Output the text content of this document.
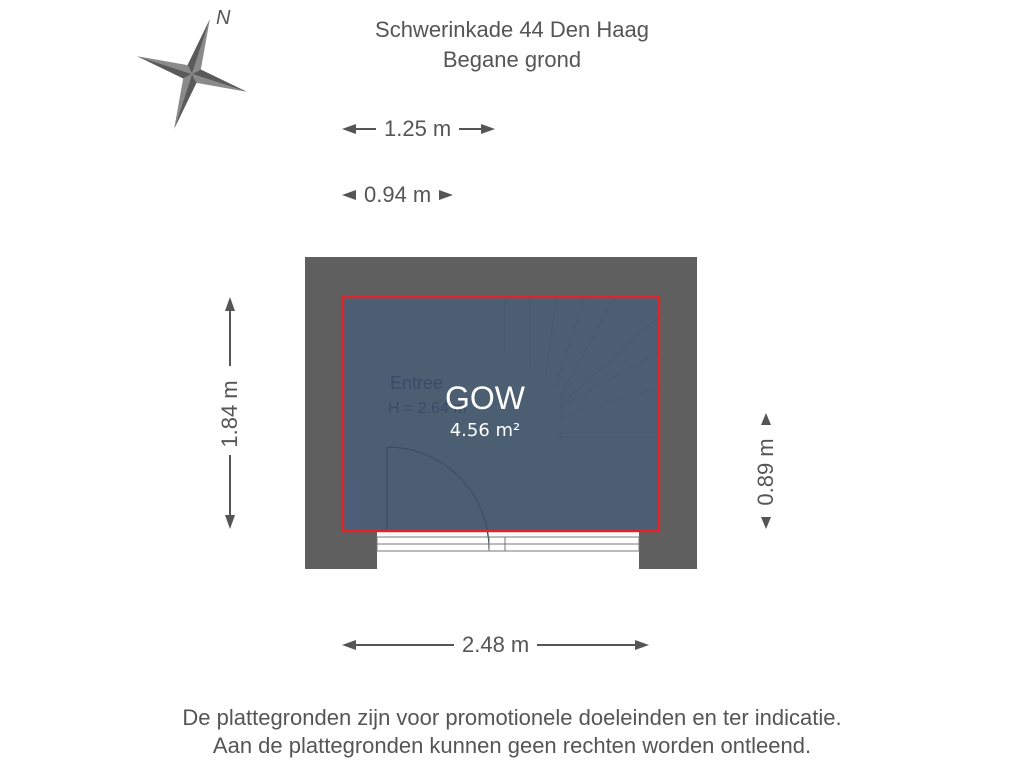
Schwerinkade 44 Den Haag
Begane grond
N
1.25 m
0.94 m
1.84 m
0.89 m
Entree
H = 2.64 m
GOW
4.56 m²
2.48 m
De plattegronden zijn voor promotionele doeleinden en ter indicatie.
Aan de plattegronden kunnen geen rechten worden ontleend.
